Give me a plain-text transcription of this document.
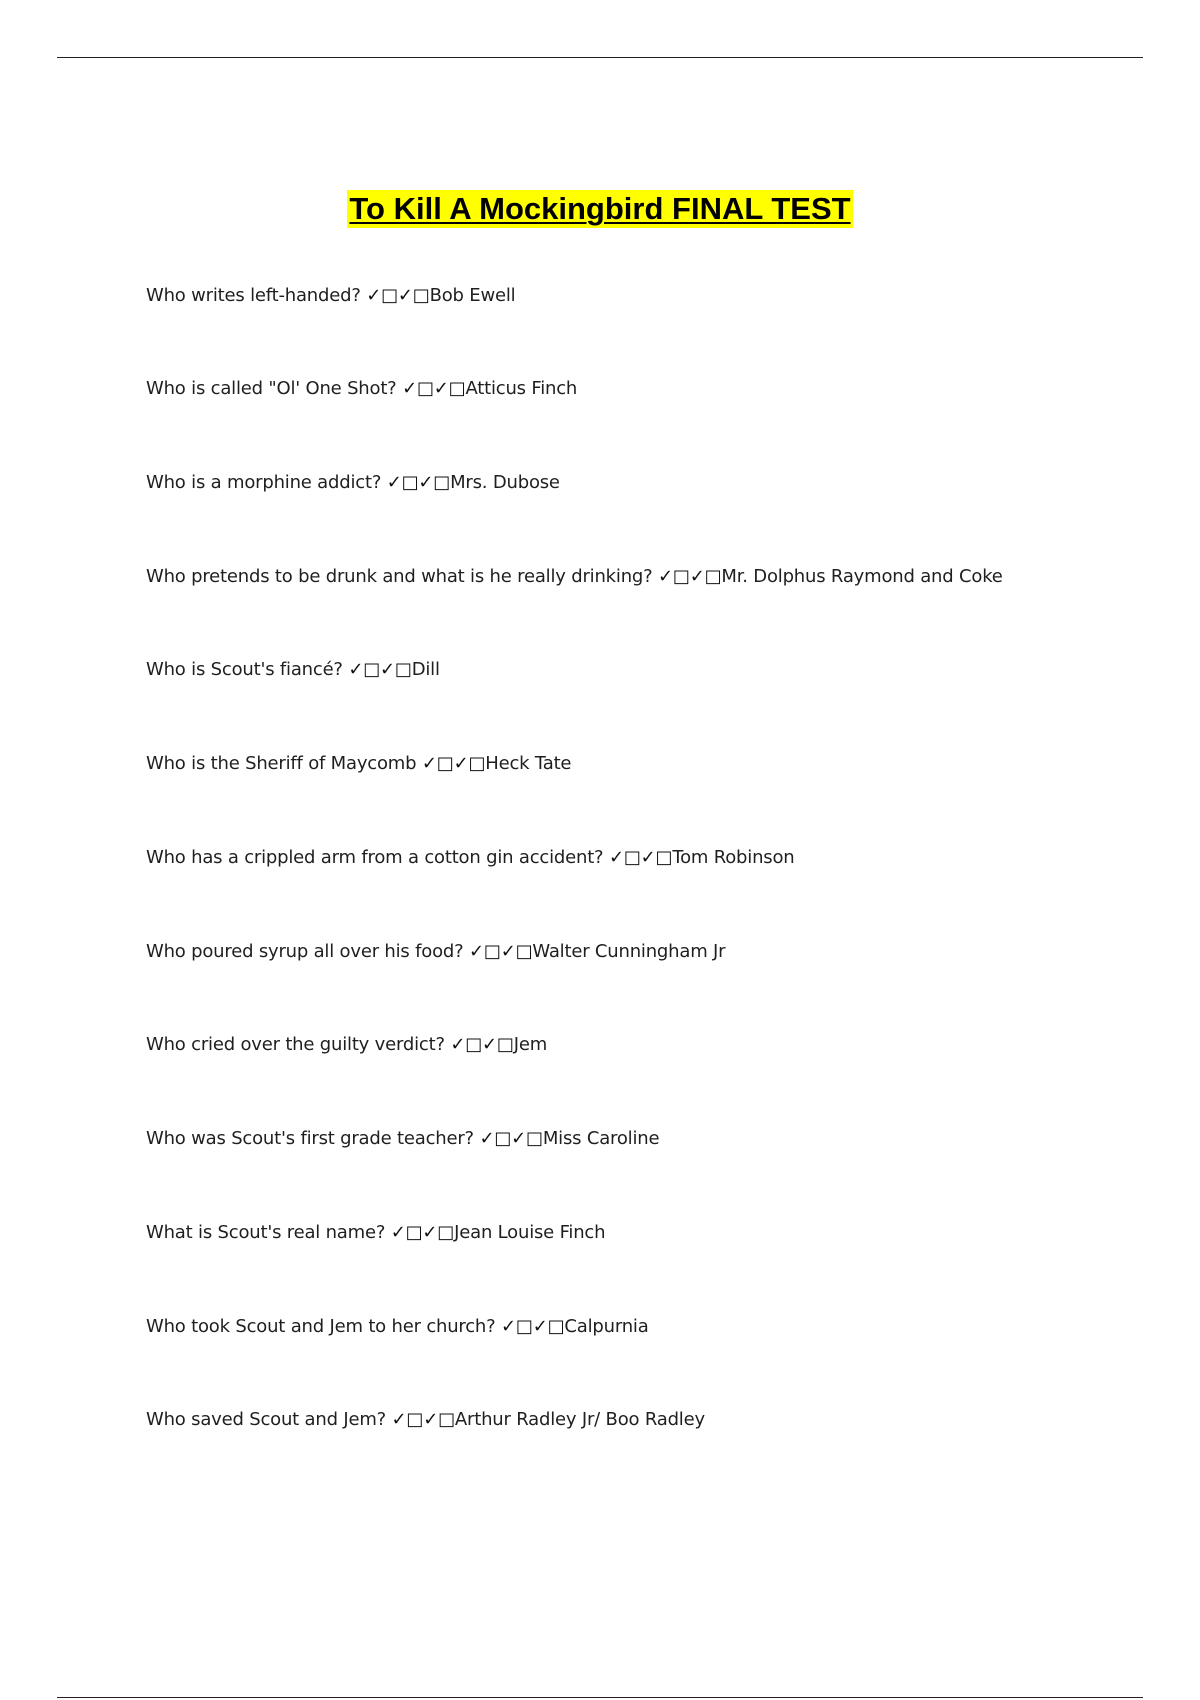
To Kill A Mockingbird FINAL TEST
Who writes left-handed? ✓□✓□Bob Ewell
Who is called "Ol' One Shot? ✓□✓□Atticus Finch
Who is a morphine addict? ✓□✓□Mrs. Dubose
Who pretends to be drunk and what is he really drinking? ✓□✓□Mr. Dolphus Raymond and Coke
Who is Scout's fiancé? ✓□✓□Dill
Who is the Sheriff of Maycomb ✓□✓□Heck Tate
Who has a crippled arm from a cotton gin accident? ✓□✓□Tom Robinson
Who poured syrup all over his food? ✓□✓□Walter Cunningham Jr
Who cried over the guilty verdict? ✓□✓□Jem
Who was Scout's first grade teacher? ✓□✓□Miss Caroline
What is Scout's real name? ✓□✓□Jean Louise Finch
Who took Scout and Jem to her church? ✓□✓□Calpurnia
Who saved Scout and Jem? ✓□✓□Arthur Radley Jr/ Boo Radley
